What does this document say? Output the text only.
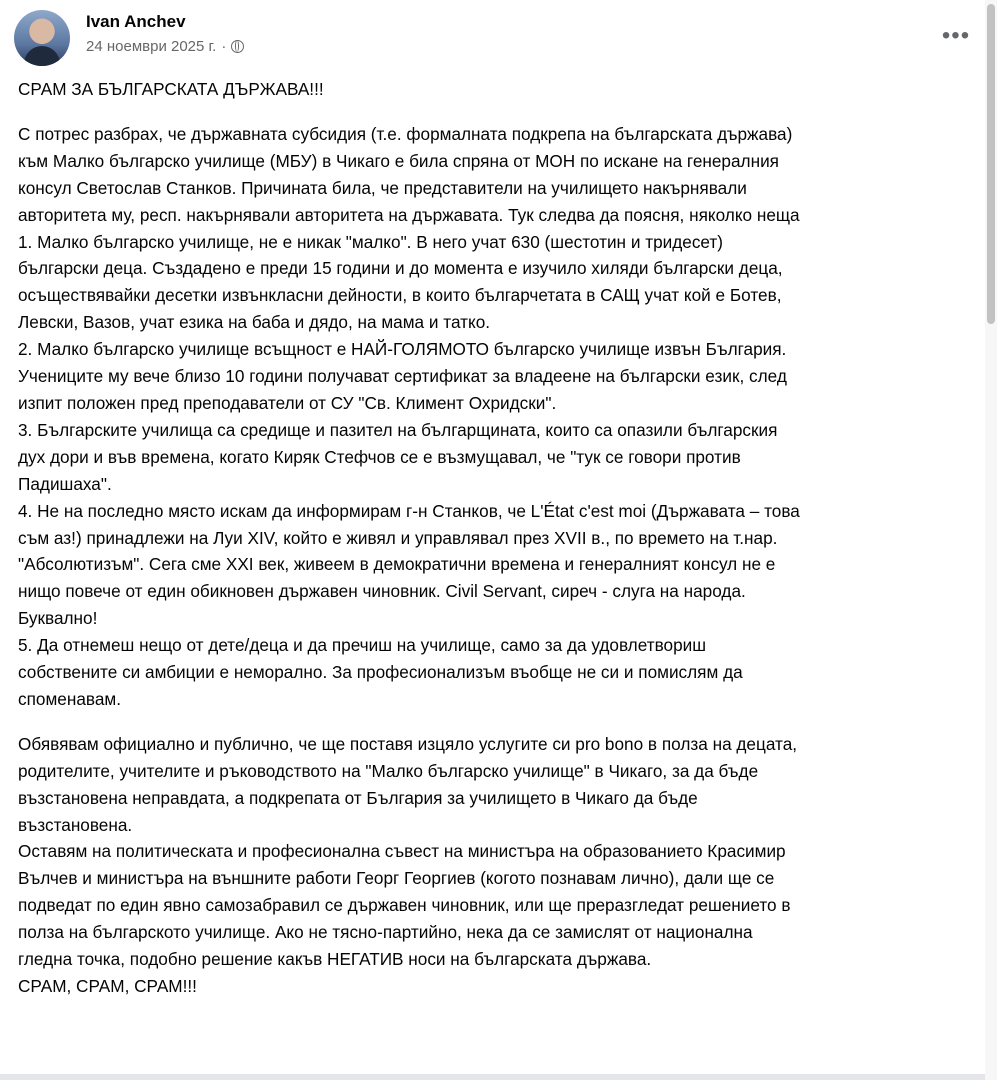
Ivan Anchev
24 ноември 2025 г. ·	•••

СРАМ ЗА БЪЛГАРСКАТА ДЪРЖАВА!!!

С потрес разбрах, че държавната субсидия (т.е. формалната подкрепа на българската държава)
към Малко българско училище (МБУ) в Чикаго е била спряна от МОН по искане на генералния
консул Светослав Станков. Причината била, че представители на училището накърнявали
авторитета му, респ. накърнявали авторитета на държавата. Тук следва да поясня, няколко неща
1. Малко българско училище, не е никак "малко". В него учат 630 (шестотин и тридесет)
български деца. Създадено е преди 15 години и до момента е изучило хиляди български деца,
осъществявайки десетки извънкласни дейности, в които българчетата в САЩ учат кой е Ботев,
Левски, Вазов, учат езика на баба и дядо, на мама и татко.
2. Малко българско училище всъщност е НАЙ-ГОЛЯМОТО българско училище извън България.
Учениците му вече близо 10 години получават сертификат за владеене на български език, след
изпит положен пред преподаватели от СУ "Св. Климент Охридски".
3. Българските училища са средище и пазител на българщината, които са опазили българския
дух дори и във времена, когато Киряк Стефчов се е възмущавал, че "тук се говори против
Падишаха".
4. Не на последно място искам да информирам г-н Станков, че L'État c'est moi (Държавата – това
съм аз!) принадлежи на Луи XIV, който е живял и управлявал през XVII в., по времето на т.нар.
"Абсолютизъм". Сега сме XXI век, живеем в демократични времена и генералният консул не е
нищо повече от един обикновен държавен чиновник. Civil Servant, сиреч - слуга на народа.
Буквално!
5. Да отнемеш нещо от дете/деца и да пречиш на училище, само за да удовлетвориш
собствените си амбиции е неморално. За професионализъм въобще не си и помислям да
споменавам.

Обявявам официално и публично, че ще поставя изцяло услугите си pro bono в полза на децата,
родителите, учителите и ръководството на "Малко българско училище" в Чикаго, за да бъде
възстановена неправдата, а подкрепата от България за училището в Чикаго да бъде
възстановена.
Оставям на политическата и професионална съвест на министъра на образованието Красимир
Вълчев и министъра на външните работи Георг Георгиев (когото познавам лично), дали ще се
подведат по един явно самозабравил се държавен чиновник, или ще преразгледат решението в
полза на българското училище. Ако не тясно-партийно, нека да се замислят от национална
гледна точка, подобно решение какъв НЕГАТИВ носи на българската държава.
СРАМ, СРАМ, СРАМ!!!
